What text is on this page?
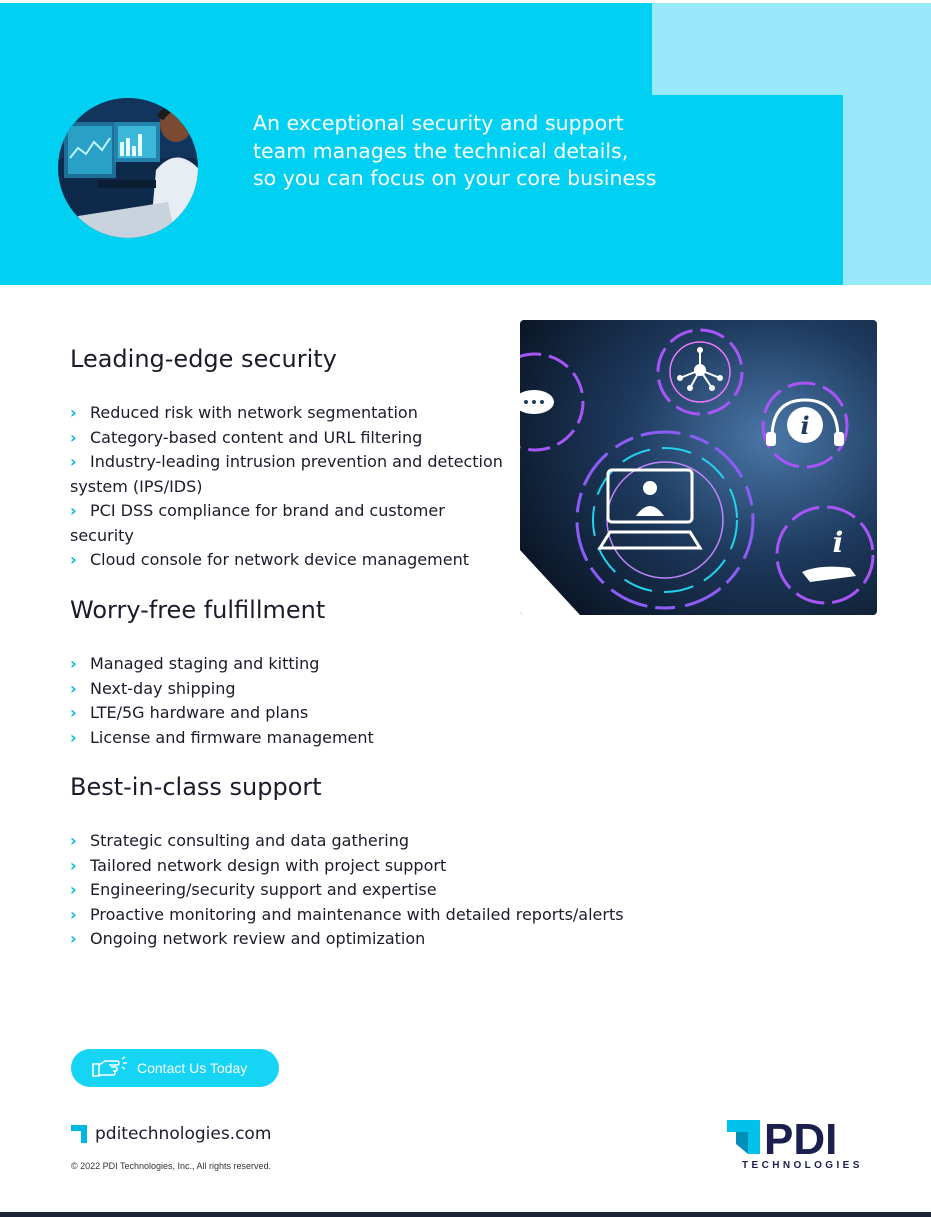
An exceptional security and support
team manages the technical details,
so you can focus on your core business
Leading-edge security
› Reduced risk with network segmentation
› Category-based content and URL filtering
› Industry-leading intrusion prevention and detection system (IPS/IDS)
› PCI DSS compliance for brand and customer security
› Cloud console for network device management
i
i
Worry-free fulfillment
› Managed staging and kitting
› Next-day shipping
› LTE/5G hardware and plans
› License and firmware management
Best-in-class support
› Strategic consulting and data gathering
› Tailored network design with project support
› Engineering/security support and expertise
› Proactive monitoring and maintenance with detailed reports/alerts
› Ongoing network review and optimization
Contact Us Today
pditechnologies.com
© 2022 PDI Technologies, Inc., All rights reserved.
PDI
TECHNOLOGIES
